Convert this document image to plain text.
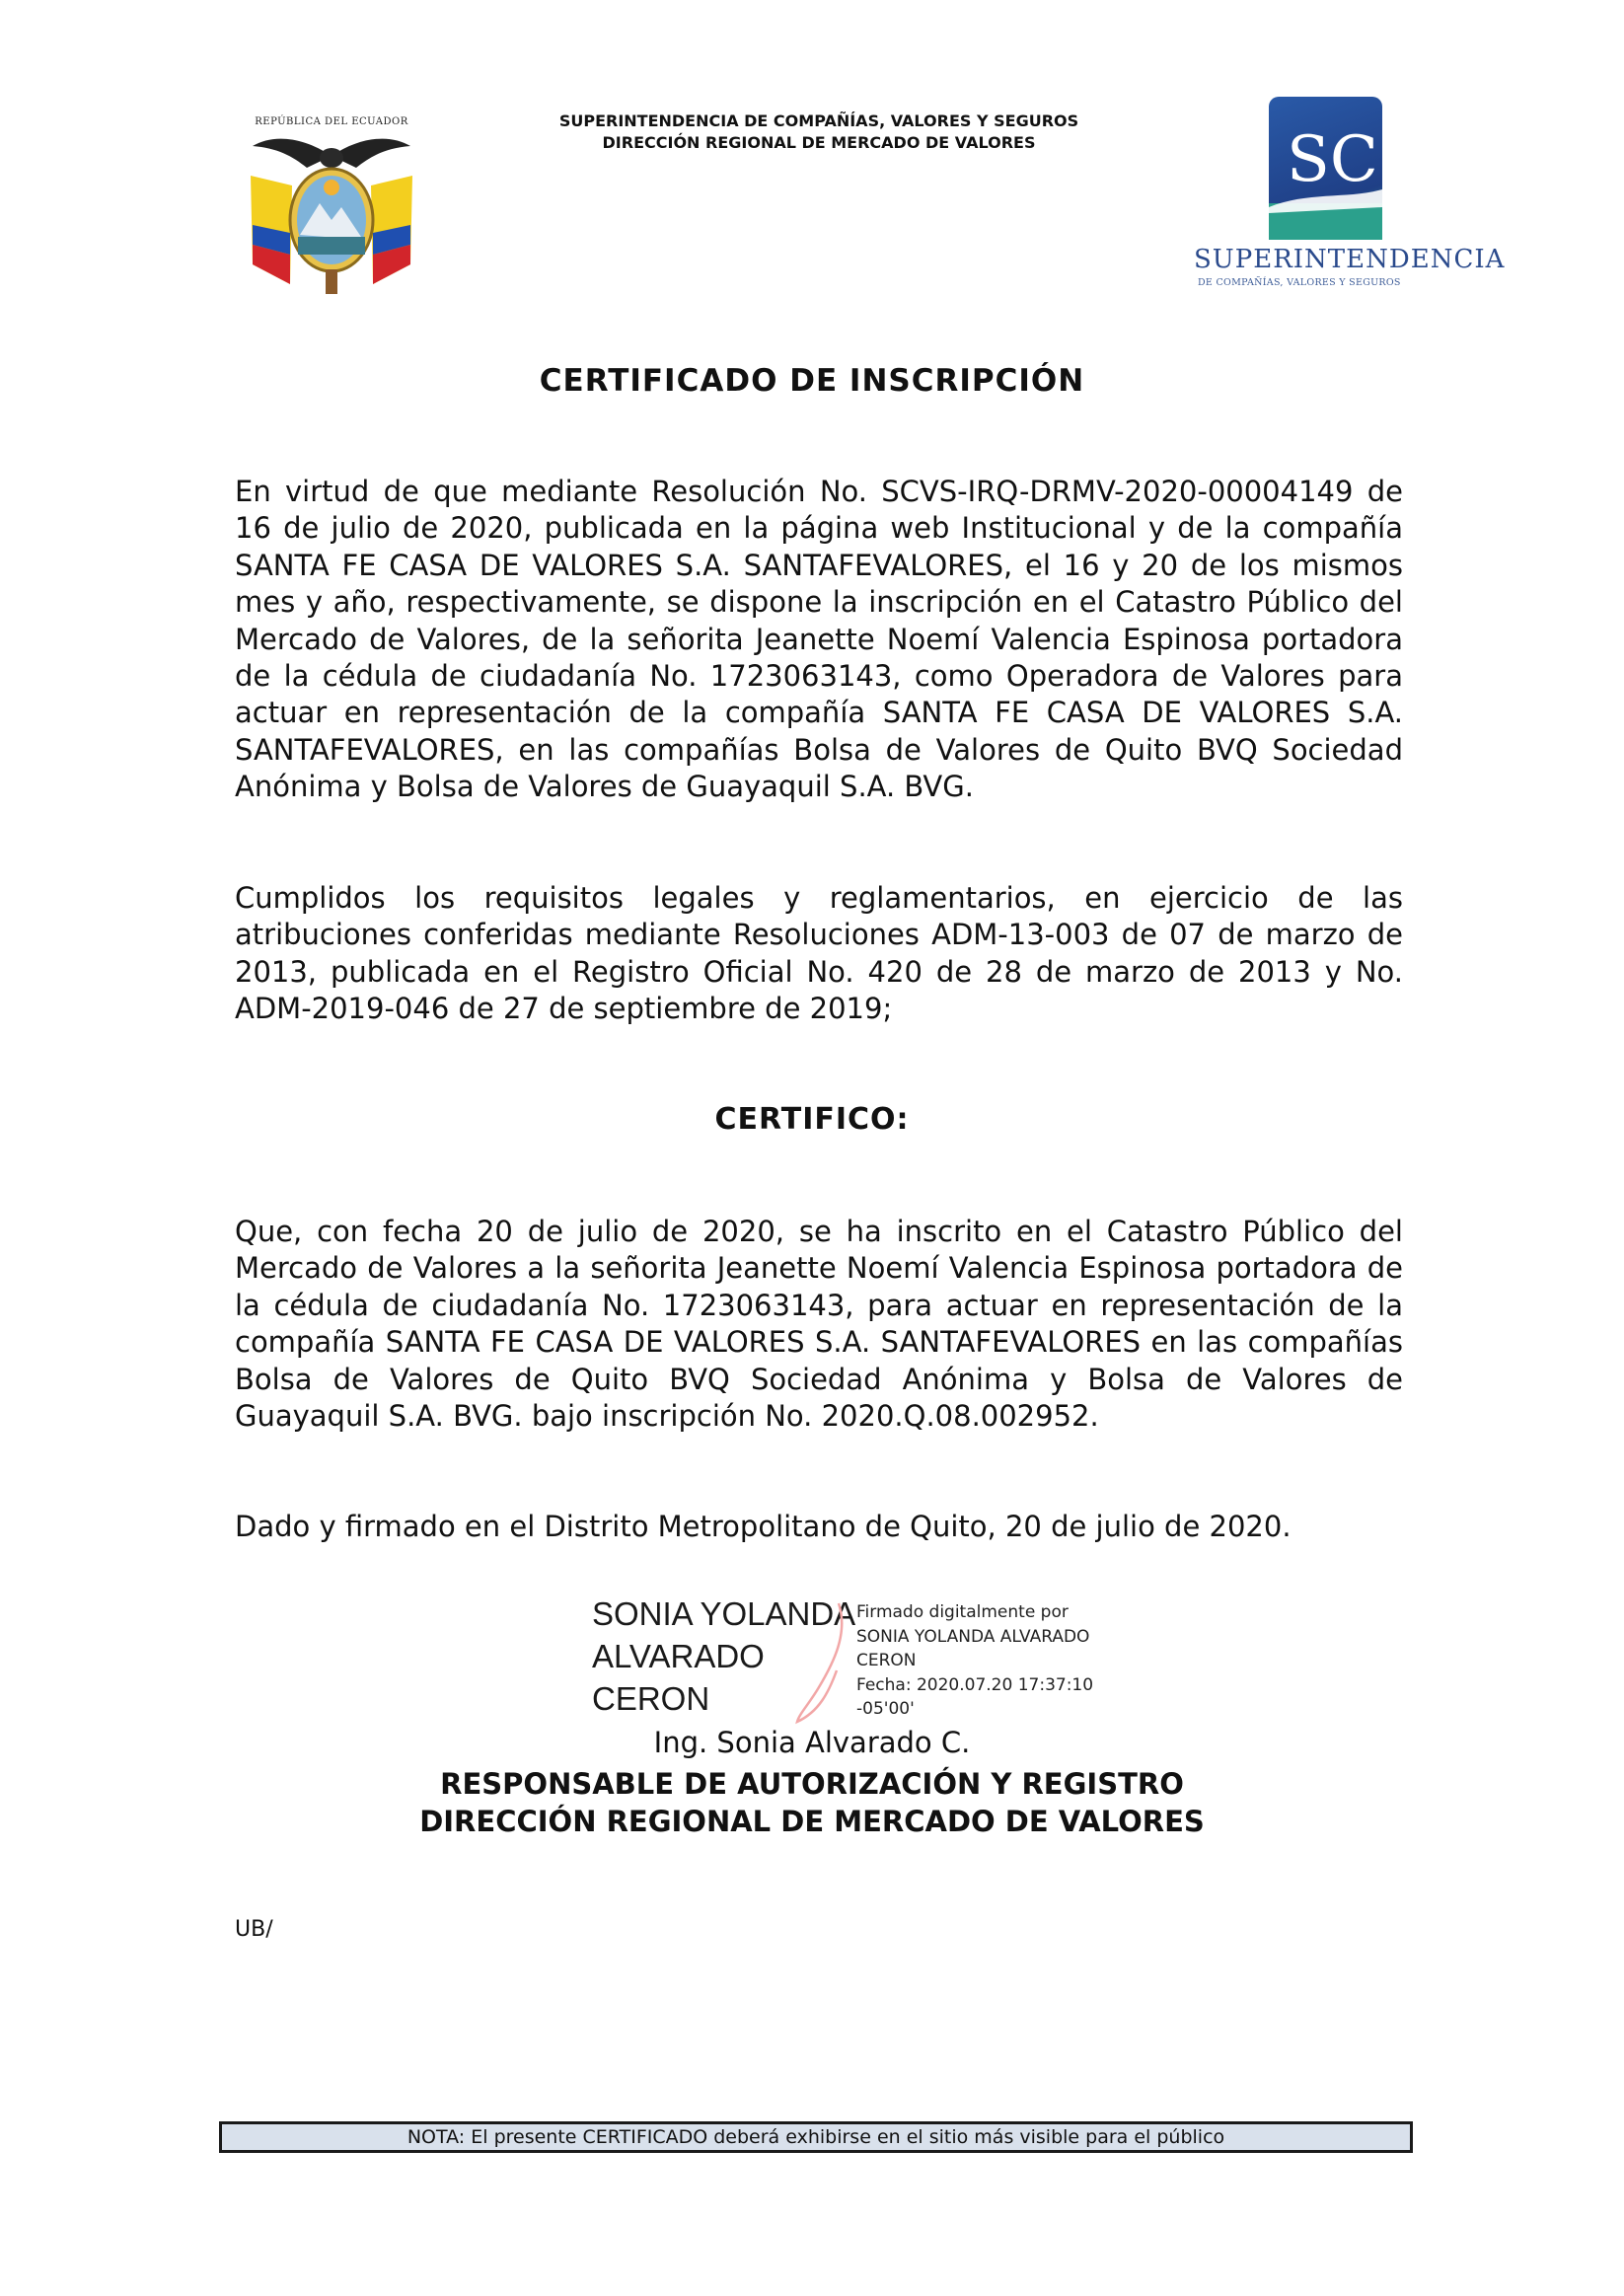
REPÚBLICA DEL ECUADOR	SUPERINTENDENCIA DE COMPAÑÍAS, VALORES Y SEGUROS
DIRECCIÓN REGIONAL DE MERCADO DE VALORES	SC
SUPERINTENDENCIA
DE COMPAÑÍAS, VALORES Y SEGUROS
CERTIFICADO DE INSCRIPCIÓN

En virtud de que mediante Resolución No. SCVS-IRQ-DRMV-2020-00004149 de 16 de julio de 2020, publicada en la página web Institucional y de la compañía SANTA FE CASA DE VALORES S.A. SANTAFEVALORES, el 16 y 20 de los mismos mes y año, respectivamente, se dispone la inscripción en el Catastro Público del Mercado de Valores, de la señorita Jeanette Noemí Valencia Espinosa portadora de la cédula de ciudadanía No. 1723063143, como Operadora de Valores para actuar en representación de la compañía SANTA FE CASA DE VALORES S.A. SANTAFEVALORES, en las compañías Bolsa de Valores de Quito BVQ Sociedad Anónima y Bolsa de Valores de Guayaquil S.A. BVG.

Cumplidos los requisitos legales y reglamentarios, en ejercicio de las atribuciones conferidas mediante Resoluciones ADM-13-003 de 07 de marzo de 2013, publicada en el Registro Oficial No. 420 de 28 de marzo de 2013 y No. ADM-2019-046 de 27 de septiembre de 2019;

CERTIFICO:

Que, con fecha 20 de julio de 2020, se ha inscrito en el Catastro Público del Mercado de Valores a la señorita Jeanette Noemí Valencia Espinosa portadora de la cédula de ciudadanía No. 1723063143, para actuar en representación de la compañía SANTA FE CASA DE VALORES S.A. SANTAFEVALORES en las compañías Bolsa de Valores de Quito BVQ Sociedad Anónima y Bolsa de Valores de Guayaquil S.A. BVG. bajo inscripción No. 2020.Q.08.002952.

Dado y firmado en el Distrito Metropolitano de Quito, 20 de julio de 2020.

SONIA YOLANDA
ALVARADO
CERON
Firmado digitalmente por
SONIA YOLANDA ALVARADO
CERON
Fecha: 2020.07.20 17:37:10
-05'00'
Ing. Sonia Alvarado C.
RESPONSABLE DE AUTORIZACIÓN Y REGISTRO
DIRECCIÓN REGIONAL DE MERCADO DE VALORES
UB/
NOTA: El presente CERTIFICADO deberá exhibirse en el sitio más visible para el público
